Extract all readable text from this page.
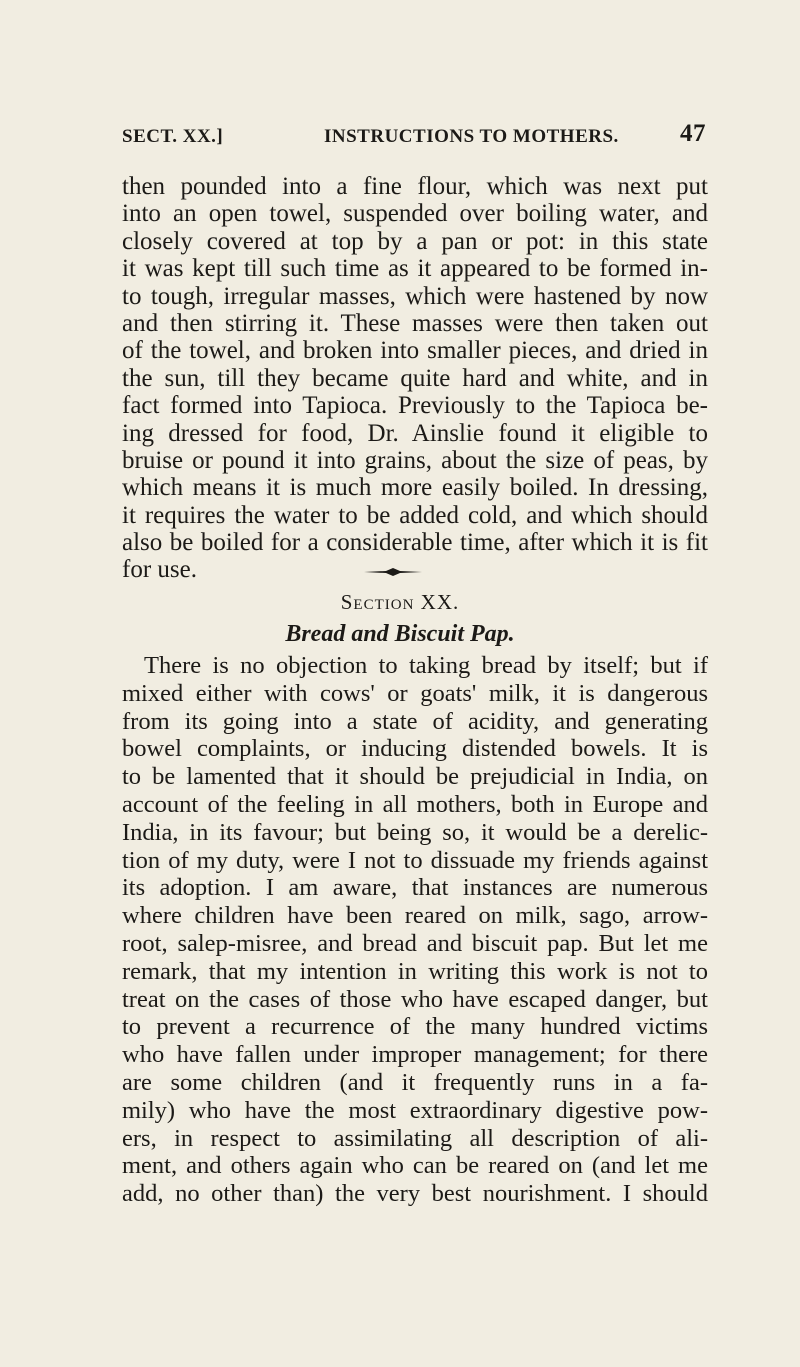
SECT. XX.]	INSTRUCTIONS TO MOTHERS. 47
then pounded into a fine flour, which was next put
into an open towel, suspended over boiling water, and
closely covered at top by a pan or pot: in this state
it was kept till such time as it appeared to be formed in-
to tough, irregular masses, which were hastened by now
and then stirring it. These masses were then taken out
of the towel, and broken into smaller pieces, and dried in
the sun, till they became quite hard and white, and in
fact formed into Tapioca. Previously to the Tapioca be-
ing dressed for food, Dr. Ainslie found it eligible to
bruise or pound it into grains, about the size of peas, by
which means it is much more easily boiled. In dressing,
it requires the water to be added cold, and which should
also be boiled for a considerable time, after which it is fit
for use.
Section XX.
Bread and Biscuit Pap.
There is no objection to taking bread by itself; but if
mixed either with cows' or goats' milk, it is dangerous
from its going into a state of acidity, and generating
bowel complaints, or inducing distended bowels. It is
to be lamented that it should be prejudicial in India, on
account of the feeling in all mothers, both in Europe and
India, in its favour; but being so, it would be a derelic-
tion of my duty, were I not to dissuade my friends against
its adoption. I am aware, that instances are numerous
where children have been reared on milk, sago, arrow-
root, salep-misree, and bread and biscuit pap. But let me
remark, that my intention in writing this work is not to
treat on the cases of those who have escaped danger, but
to prevent a recurrence of the many hundred victims
who have fallen under improper management; for there
are some children (and it frequently runs in a fa-
mily) who have the most extraordinary digestive pow-
ers, in respect to assimilating all description of ali-
ment, and others again who can be reared on (and let me
add, no other than) the very best nourishment. I should
